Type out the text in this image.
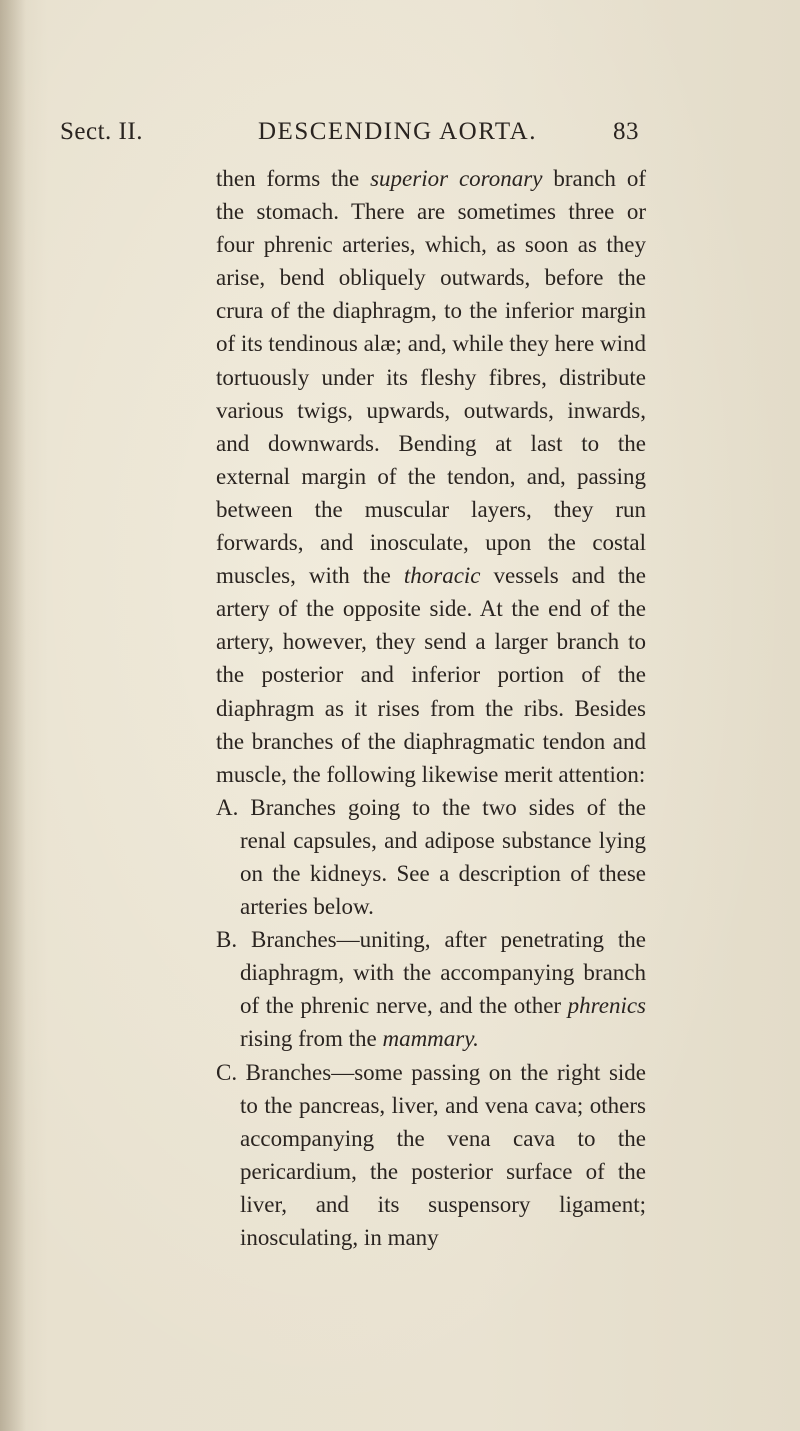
Sect. II.	DESCENDING AORTA.	83

then forms the superior coronary branch of the stomach. There are sometimes three or four phrenic arteries, which, as soon as they arise, bend obliquely outwards, before the crura of the diaphragm, to the inferior margin of its tendinous alæ; and, while they here wind tortuously under its fleshy fibres, distribute various twigs, upwards, outwards, inwards, and downwards. Bending at last to the external margin of the tendon, and, passing between the muscular layers, they run forwards, and inosculate, upon the costal muscles, with the thoracic vessels and the artery of the opposite side. At the end of the artery, however, they send a larger branch to the posterior and inferior portion of the diaphragm as it rises from the ribs. Besides the branches of the diaphragmatic tendon and muscle, the following likewise merit attention:

A. Branches going to the two sides of the renal capsules, and adipose substance lying on the kidneys. See a description of these arteries below.

B. Branches—uniting, after penetrating the diaphragm, with the accompanying branch of the phrenic nerve, and the other phrenics rising from the mammary.

C. Branches—some passing on the right side to the pancreas, liver, and vena cava; others accompanying the vena cava to the pericardium, the posterior surface of the liver, and its suspensory ligament; inosculating, in many
